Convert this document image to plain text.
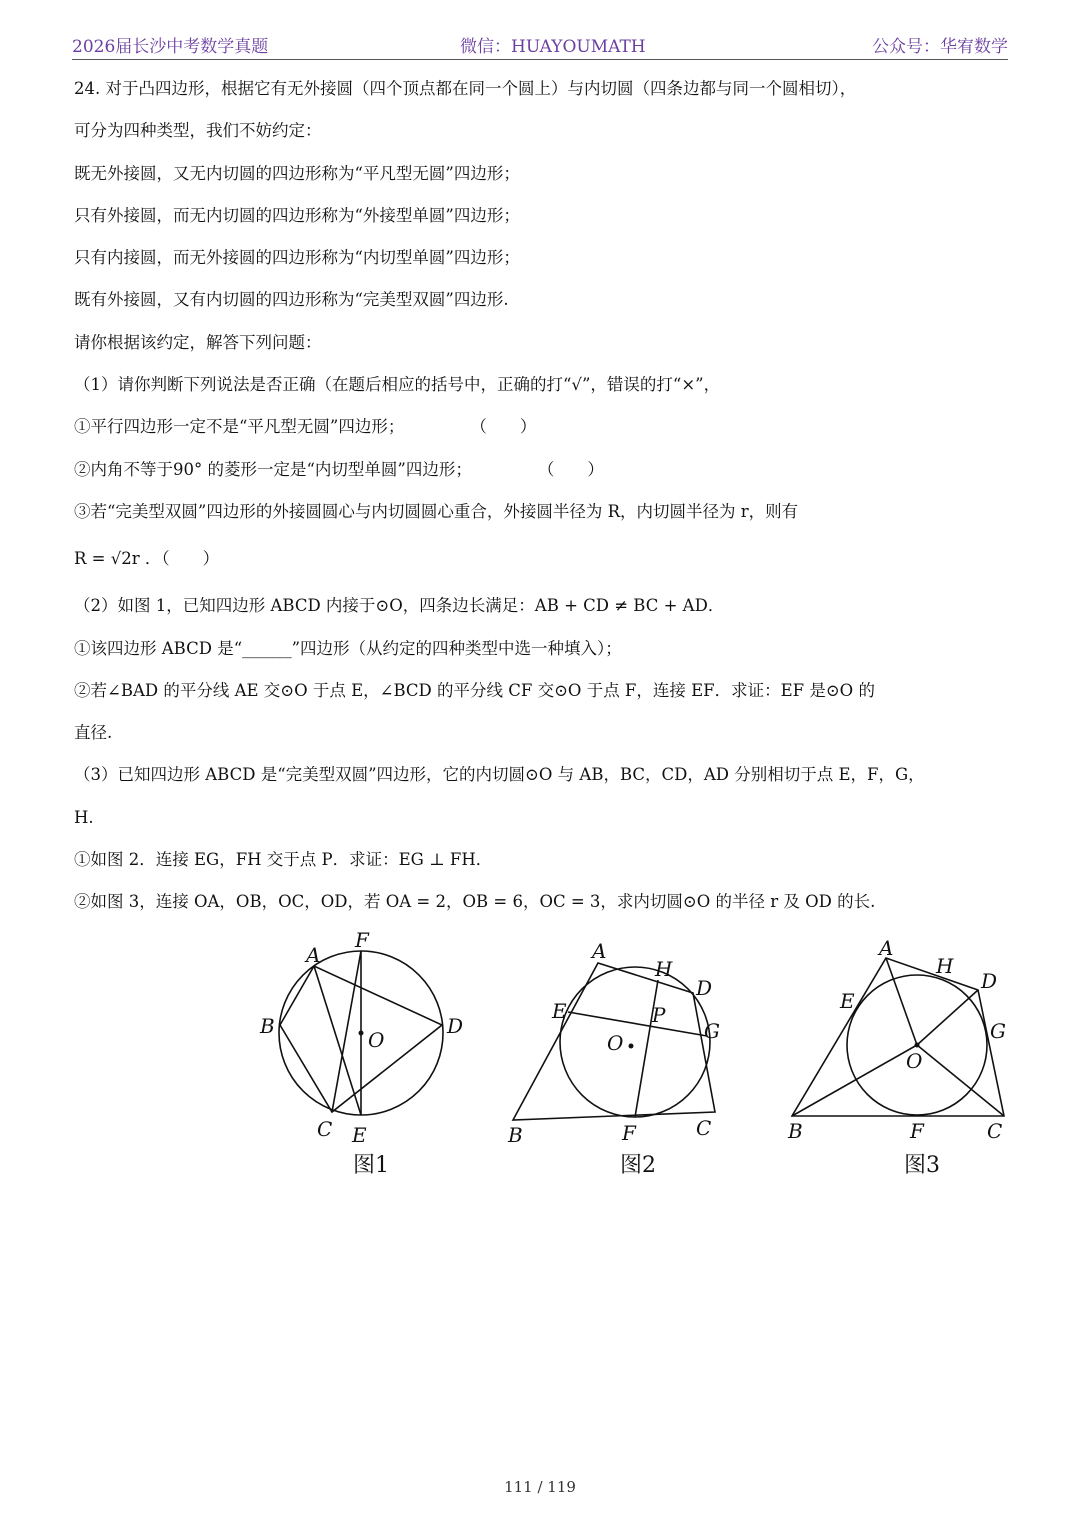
2026届长沙中考数学真题	微信：HUAYOUMATH	公众号：华宥数学
24. 对于凸四边形，根据它有无外接圆（四个顶点都在同一个圆上）与内切圆（四条边都与同一个圆相切），
可分为四种类型，我们不妨约定：
既无外接圆，又无内切圆的四边形称为“平凡型无圆”四边形；
只有外接圆，而无内切圆的四边形称为“外接型单圆”四边形；
只有内接圆，而无外接圆的四边形称为“内切型单圆”四边形；
既有外接圆，又有内切圆的四边形称为“完美型双圆”四边形.
请你根据该约定，解答下列问题：
（1）请你判断下列说法是否正确（在题后相应的括号中，正确的打“√”，错误的打“×”，
①平行四边形一定不是“平凡型无圆”四边形；　　　　　（　　）
②内角不等于90° 的菱形一定是“内切型单圆”四边形；　　　　　（　　）
③若“完美型双圆”四边形的外接圆圆心与内切圆圆心重合，外接圆半径为 R，内切圆半径为 r，则有
R = √2r ．（　　）
（2）如图 1，已知四边形 ABCD 内接于⊙O，四条边长满足：AB + CD ≠ BC + AD．
①该四边形 ABCD 是“______”四边形（从约定的四种类型中选一种填入）；
②若∠BAD 的平分线 AE 交⊙O 于点 E，∠BCD 的平分线 CF 交⊙O 于点 F，连接 EF．求证：EF 是⊙O 的
直径.
（3）已知四边形 ABCD 是“完美型双圆”四边形，它的内切圆⊙O 与 AB，BC，CD，AD 分别相切于点 E，F，G，
H.
①如图 2．连接 EG，FH 交于点 P．求证：EG ⊥ FH．
②如图 3，连接 OA，OB，OC，OD，若 OA = 2，OB = 6，OC = 3，求内切圆⊙O 的半径 r 及 OD 的长.
A
F
B
O
D
C E
图1
A
H
D
E	P
G
O
B	F	C
图2
A
H
D
E
G
O
B	F	C
图3
111 / 119
